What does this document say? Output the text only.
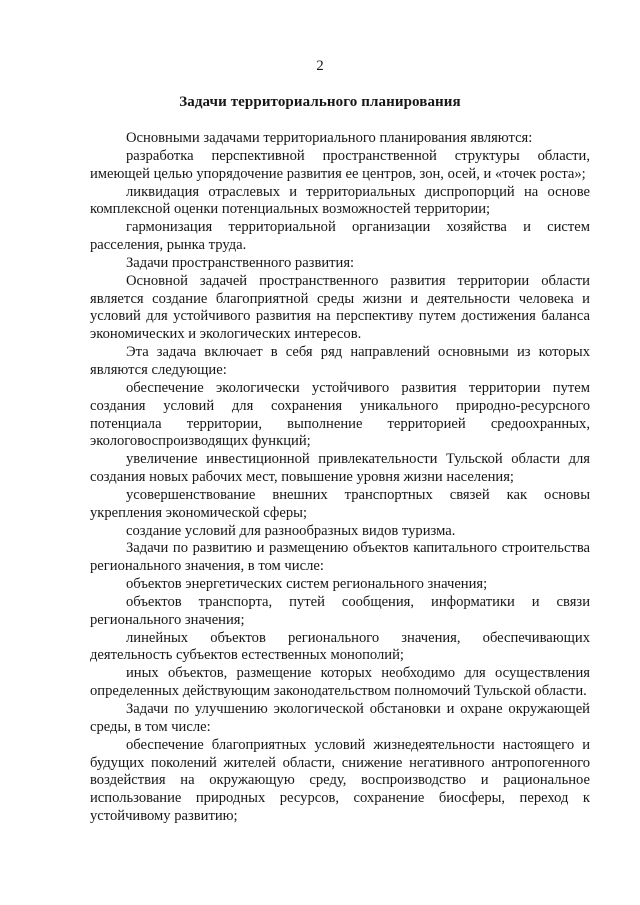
2
Задачи территориального планирования

Основными задачами территориального планирования являются:

разработка перспективной пространственной структуры области, имеющей целью упорядочение развития ее центров, зон, осей, и «точек роста»;

ликвидация отраслевых и территориальных диспропорций на основе комплексной оценки потенциальных возможностей территории;

гармонизация территориальной организации хозяйства и систем расселения, рынка труда.

Задачи пространственного развития:

Основной задачей пространственного развития территории области является создание благоприятной среды жизни и деятельности человека и условий для устойчивого развития на перспективу путем достижения баланса экономических и экологических интересов.

Эта задача включает в себя ряд направлений основными из которых являются следующие:

обеспечение экологически устойчивого развития территории путем создания условий для сохранения уникального природно-ресурсного потенциала территории, выполнение территорией средоохранных, экологовоспроизводящих функций;

увеличение инвестиционной привлекательности Тульской области для создания новых рабочих мест, повышение уровня жизни населения;

усовершенствование внешних транспортных связей как основы укрепления экономической сферы;

создание условий для разнообразных видов туризма.

Задачи по развитию и размещению объектов капитального строительства регионального значения, в том числе:

объектов энергетических систем регионального значения;

объектов транспорта, путей сообщения, информатики и связи регионального значения;

линейных объектов регионального значения, обеспечивающих деятельность субъектов естественных монополий;

иных объектов, размещение которых необходимо для осуществления определенных действующим законодательством полномочий Тульской области.

Задачи по улучшению экологической обстановки и охране окружающей среды, в том числе:

обеспечение благоприятных условий жизнедеятельности настоящего и будущих поколений жителей области, снижение негативного антропогенного воздействия на окружающую среду, воспроизводство и рациональное использование природных ресурсов, сохранение биосферы, переход к устойчивому развитию;
